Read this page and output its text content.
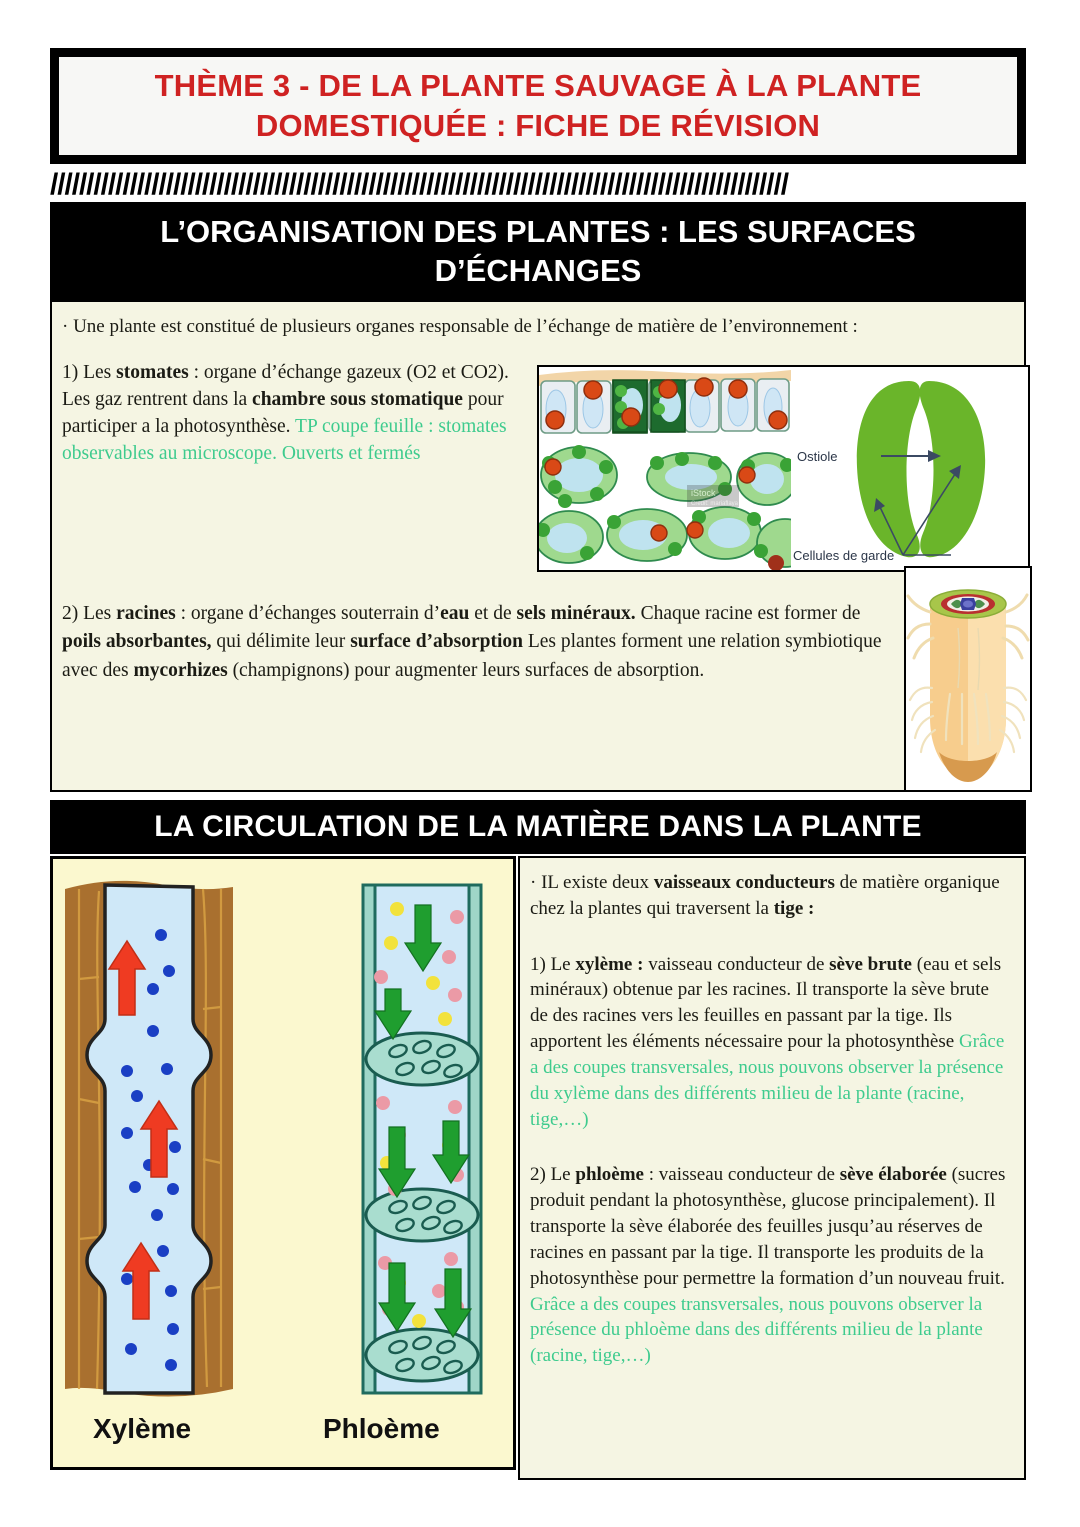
THÈME 3 - DE LA PLANTE SAUVAGE À LA PLANTE DOMESTIQUÉE : FICHE DE RÉVISION
//////////////////////////////////////////////////////////////////////////////////////////////////////
L’ORGANISATION DES PLANTES : LES SURFACES D’ÉCHANGES
· Une plante est constitué de plusieurs organes responsable de l’échange de matière de l’environnement :
1) Les stomates : organe d’échange gazeux (O2 et CO2). Les gaz rentrent dans la chambre sous stomatique pour participer a la photosynthèse. TP coupe feuille : stomates observables au microscope. Ouverts et fermés
2) Les racines : organe d’échanges souterrain d’eau et de sels minéraux. Chaque racine est former de poils absorbantes, qui délimite leur surface d’absorption Les plantes forment une relation symbiotique avec des mycorhizes (champignons) pour augmenter leurs surfaces de absorption.
iStock
Credit: mariaflaya
Ostiole
Cellules de garde
LA CIRCULATION DE LA MATIÈRE DANS LA PLANTE
Xylème	Phloème
· IL existe deux vaisseaux conducteurs de matière organique chez la plantes qui traversent la tige :
1) Le xylème : vaisseau conducteur de sève brute (eau et sels minéraux) obtenue par les racines. Il transporte la sève brute de des racines vers les feuilles en passant par la tige. Ils apportent les éléments nécessaire pour la photosynthèse Grâce a des coupes transversales, nous pouvons observer la présence du xylème dans des différents milieu de la plante (racine, tige,…)
2) Le phloème : vaisseau conducteur de sève élaborée (sucres produit pendant la photosynthèse, glucose principalement). Il transporte la sève élaborée des feuilles jusqu’au réserves de racines en passant par la tige. Il transporte les produits de la photosynthèse pour permettre la formation d’un nouveau fruit. Grâce a des coupes transversales, nous pouvons observer la présence du phloème dans des différents milieu de la plante (racine, tige,…)
